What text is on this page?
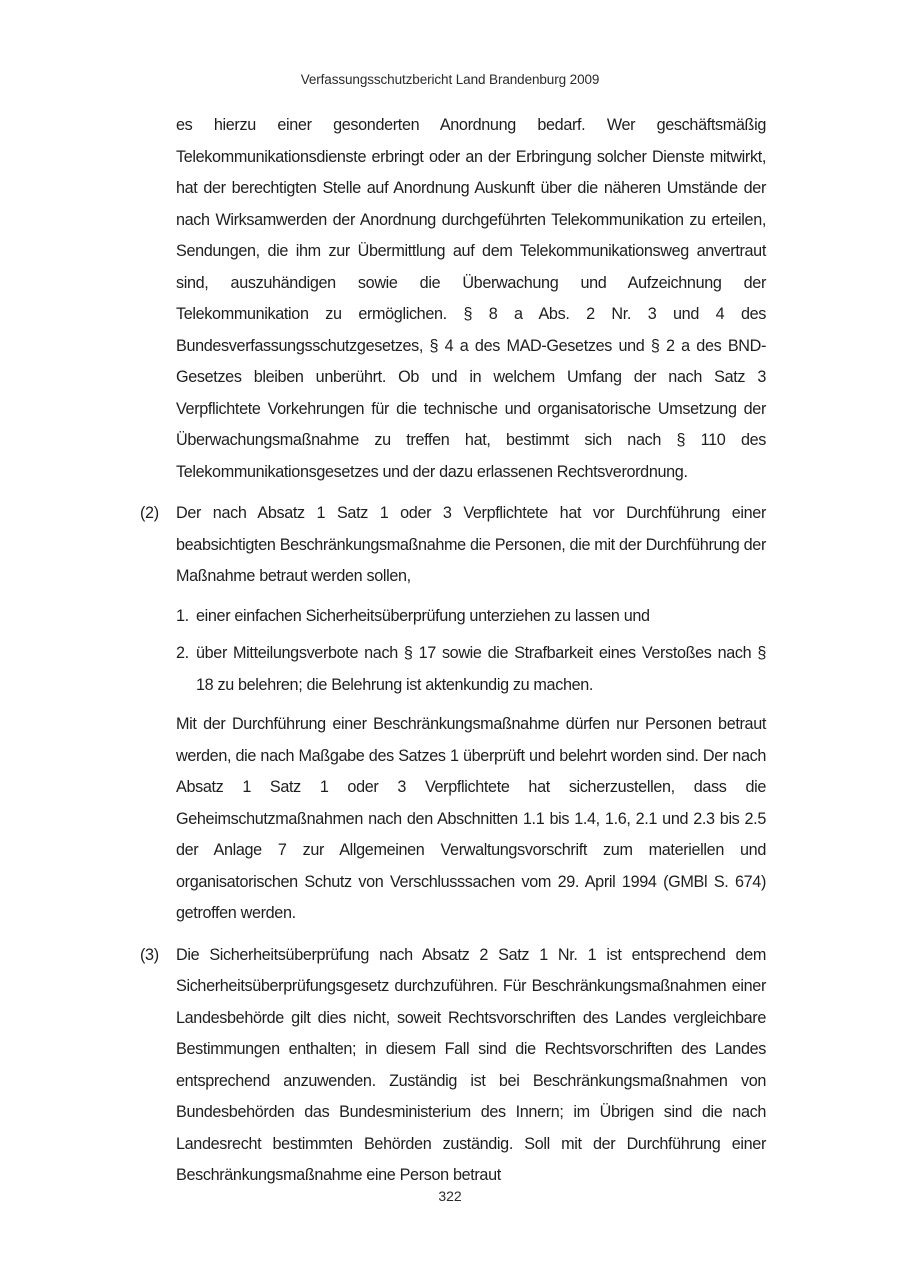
Verfassungsschutzbericht Land Brandenburg 2009

es hierzu einer gesonderten Anordnung bedarf. Wer geschäftsmäßig Telekommunikationsdienste erbringt oder an der Erbringung solcher Dienste mitwirkt, hat der berechtigten Stelle auf Anordnung Auskunft über die näheren Umstände der nach Wirksamwerden der Anordnung durchgeführten Telekommunikation zu erteilen, Sendungen, die ihm zur Übermittlung auf dem Telekommunikationsweg anvertraut sind, auszuhändigen sowie die Überwachung und Aufzeichnung der Telekommunikation zu ermöglichen. § 8 a Abs. 2 Nr. 3 und 4 des Bundesverfassungsschutzgesetzes, § 4 a des MAD-Gesetzes und § 2 a des BND-Gesetzes bleiben unberührt. Ob und in welchem Umfang der nach Satz 3 Verpflichtete Vorkehrungen für die technische und organisatorische Umsetzung der Überwachungsmaßnahme zu treffen hat, bestimmt sich nach § 110 des Telekommunikationsgesetzes und der dazu erlassenen Rechtsverordnung.

(2) Der nach Absatz 1 Satz 1 oder 3 Verpflichtete hat vor Durchführung einer beabsichtigten Beschränkungsmaßnahme die Personen, die mit der Durchführung der Maßnahme betraut werden sollen,

1. einer einfachen Sicherheitsüberprüfung unterziehen zu lassen und
2. über Mitteilungsverbote nach § 17 sowie die Strafbarkeit eines Verstoßes nach § 18 zu belehren; die Belehrung ist aktenkundig zu machen.

Mit der Durchführung einer Beschränkungsmaßnahme dürfen nur Personen betraut werden, die nach Maßgabe des Satzes 1 überprüft und belehrt worden sind. Der nach Absatz 1 Satz 1 oder 3 Verpflichtete hat sicherzustellen, dass die Geheimschutzmaßnahmen nach den Abschnitten 1.1 bis 1.4, 1.6, 2.1 und 2.3 bis 2.5 der Anlage 7 zur Allgemeinen Verwaltungsvorschrift zum materiellen und organisatorischen Schutz von Verschlusssachen vom 29. April 1994 (GMBl S. 674) getroffen werden.

(3) Die Sicherheitsüberprüfung nach Absatz 2 Satz 1 Nr. 1 ist entsprechend dem Sicherheitsüberprüfungsgesetz durchzuführen. Für Beschränkungsmaßnahmen einer Landesbehörde gilt dies nicht, soweit Rechtsvorschriften des Landes vergleichbare Bestimmungen enthalten; in diesem Fall sind die Rechtsvorschriften des Landes entsprechend anzuwenden. Zuständig ist bei Beschränkungsmaßnahmen von Bundesbehörden das Bundesministerium des Innern; im Übrigen sind die nach Landesrecht bestimmten Behörden zuständig. Soll mit der Durchführung einer Beschränkungsmaßnahme eine Person betraut

322
